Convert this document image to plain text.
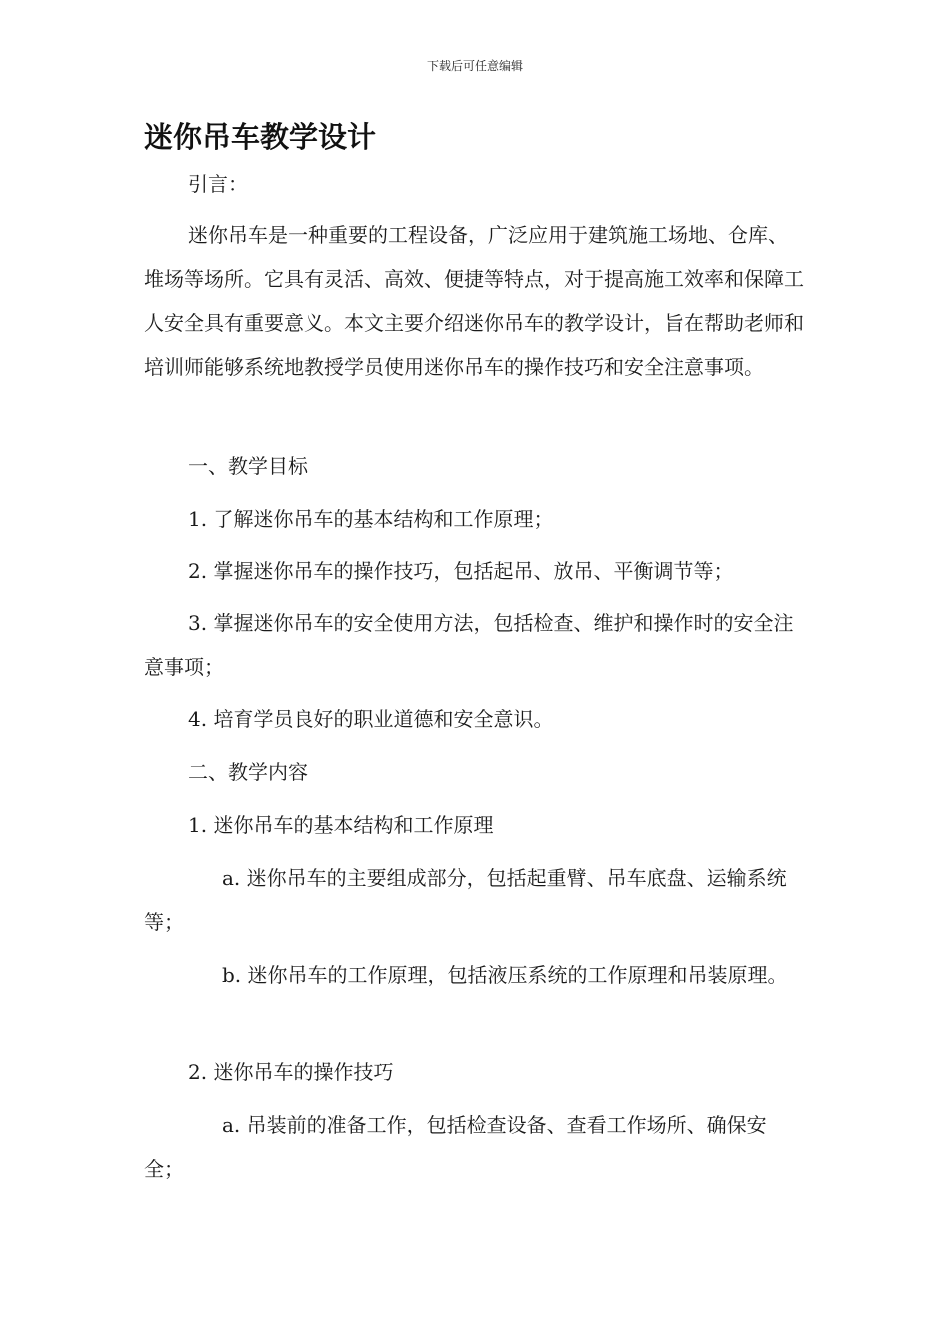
下载后可任意编辑
迷你吊车教学设计

引言：

迷你吊车是一种重要的工程设备，广泛应用于建筑施工场地、仓库、堆场等场所。它具有灵活、高效、便捷等特点，对于提高施工效率和保障工人安全具有重要意义。本文主要介绍迷你吊车的教学设计，旨在帮助老师和培训师能够系统地教授学员使用迷你吊车的操作技巧和安全注意事项。

一、教学目标

1. 了解迷你吊车的基本结构和工作原理；

2. 掌握迷你吊车的操作技巧，包括起吊、放吊、平衡调节等；

3. 掌握迷你吊车的安全使用方法，包括检查、维护和操作时的安全注意事项；

4. 培育学员良好的职业道德和安全意识。

二、教学内容

1. 迷你吊车的基本结构和工作原理

a. 迷你吊车的主要组成部分，包括起重臂、吊车底盘、运输系统等；

b. 迷你吊车的工作原理，包括液压系统的工作原理和吊装原理。

2. 迷你吊车的操作技巧

a. 吊装前的准备工作，包括检查设备、查看工作场所、确保安全；
